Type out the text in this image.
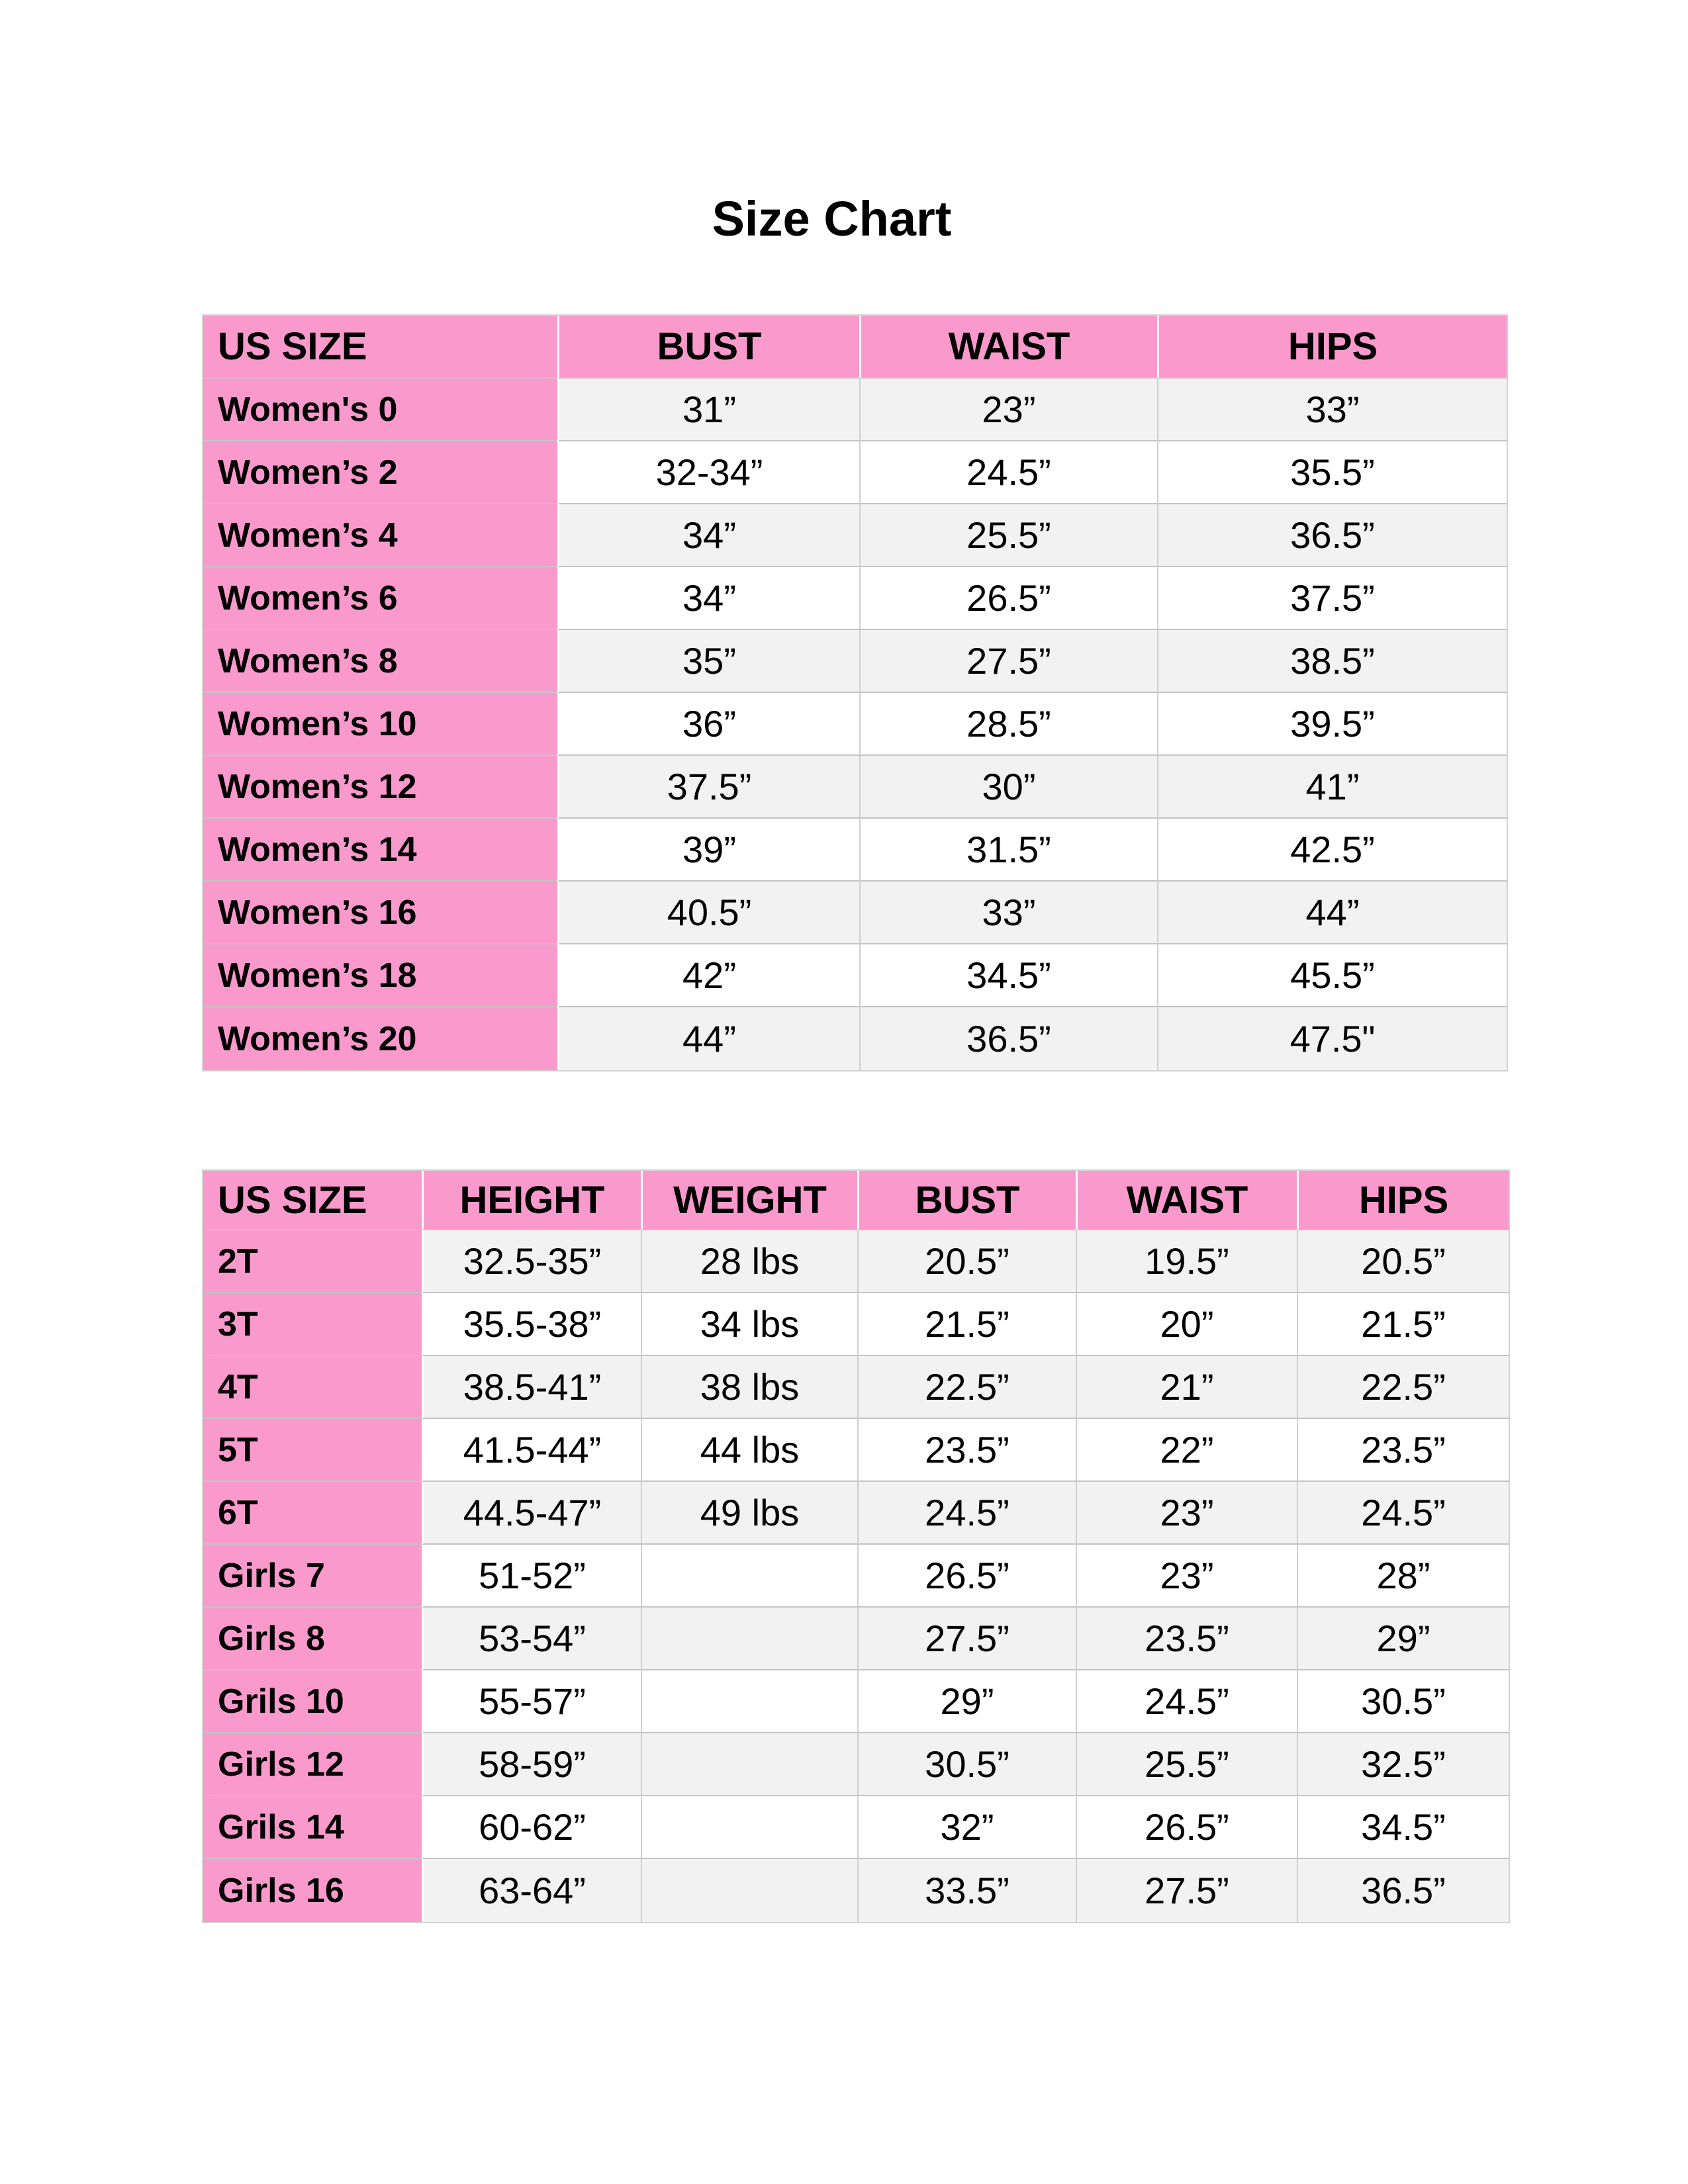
Size Chart
US SIZE	BUST	WAIST	HIPS
Women's 0	31”	23”	33”
Women’s 2	32-34”	24.5”	35.5”
Women’s 4	34”	25.5”	36.5”
Women’s 6	34”	26.5”	37.5”
Women’s 8	35”	27.5”	38.5”
Women’s 10	36”	28.5”	39.5”
Women’s 12	37.5”	30”	41”
Women’s 14	39”	31.5”	42.5”
Women’s 16	40.5”	33”	44”
Women’s 18	42”	34.5”	45.5”
Women’s 20	44”	36.5”	47.5"
US SIZE	HEIGHT	WEIGHT	BUST	WAIST	HIPS
2T	32.5-35”	28 lbs	20.5”	19.5”	20.5”
3T	35.5-38”	34 lbs	21.5”	20”	21.5”
4T	38.5-41”	38 lbs	22.5”	21”	22.5”
5T	41.5-44”	44 lbs	23.5”	22”	23.5”
6T	44.5-47”	49 lbs	24.5”	23”	24.5”
Girls 7	51-52”		26.5”	23”	28”
Girls 8	53-54”		27.5”	23.5”	29”
Grils 10	55-57”		29”	24.5”	30.5”
Girls 12	58-59”		30.5”	25.5”	32.5”
Grils 14	60-62”		32”	26.5”	34.5”
Girls 16	63-64”		33.5”	27.5”	36.5”
